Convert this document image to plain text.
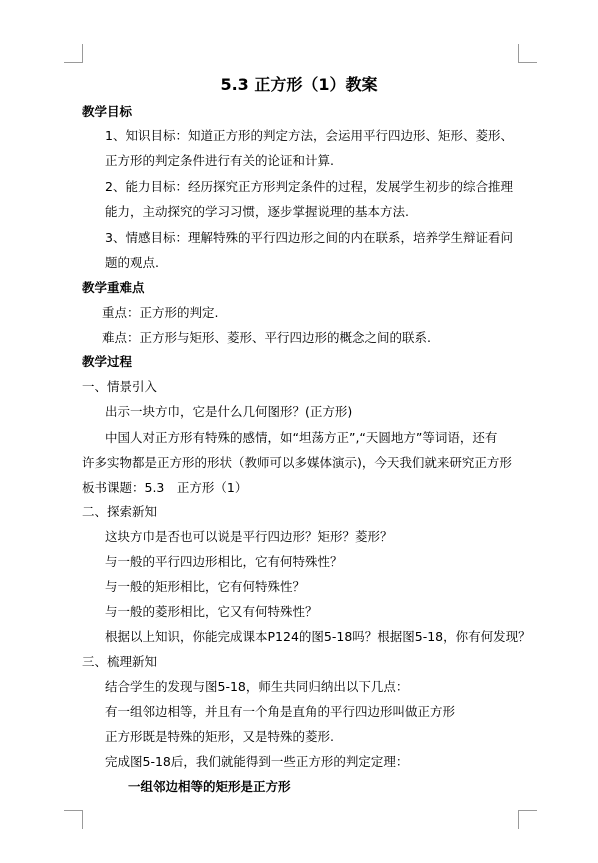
5.3 正方形（1）教案
教学目标
1、知识目标：知道正方形的判定方法，会运用平行四边形、矩形、菱形、
正方形的判定条件进行有关的论证和计算.
2、能力目标：经历探究正方形判定条件的过程，发展学生初步的综合推理
能力，主动探究的学习习惯，逐步掌握说理的基本方法.
3、情感目标：理解特殊的平行四边形之间的内在联系，培养学生辩证看问
题的观点.
教学重难点
重点：正方形的判定.
难点：正方形与矩形、菱形、平行四边形的概念之间的联系.
教学过程
一、情景引入
出示一块方巾，它是什么几何图形？(正方形)
中国人对正方形有特殊的感情，如“坦荡方正”,“天圆地方”等词语，还有
许多实物都是正方形的形状（教师可以多媒体演示)，今天我们就来研究正方形
板书课题：5.3　正方形（1）
二、探索新知
这块方巾是否也可以说是平行四边形？矩形？菱形？
与一般的平行四边形相比，它有何特殊性？
与一般的矩形相比，它有何特殊性？
与一般的菱形相比，它又有何特殊性？
根据以上知识，你能完成课本P124的图5-18吗？根据图5-18，你有何发现？
三、梳理新知
结合学生的发现与图5-18，师生共同归纳出以下几点：
有一组邻边相等，并且有一个角是直角的平行四边形叫做正方形
正方形既是特殊的矩形，又是特殊的菱形.
完成图5-18后，我们就能得到一些正方形的判定定理：
一组邻边相等的矩形是正方形
